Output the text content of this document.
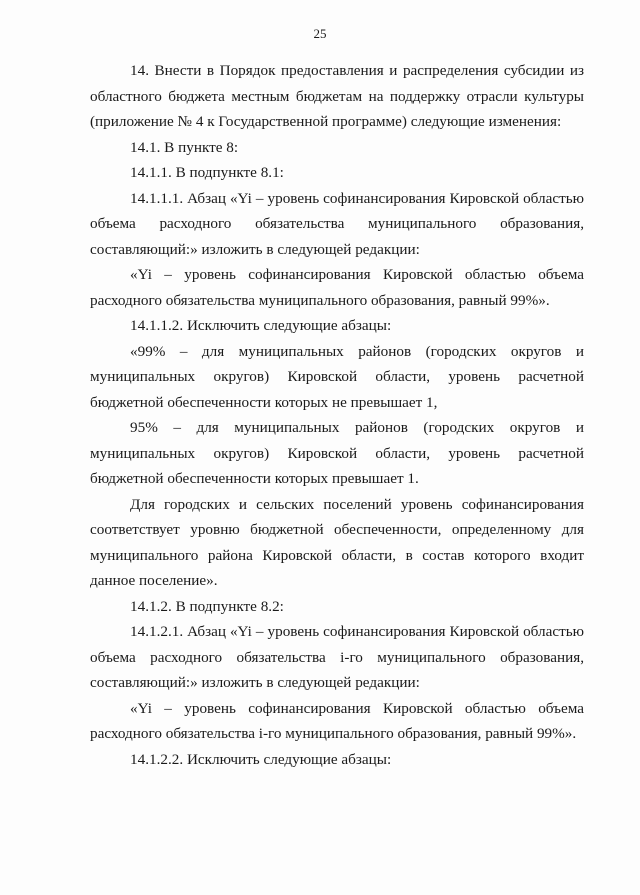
25

14. Внести в Порядок предоставления и распределения субсидии из областного бюджета местным бюджетам на поддержку отрасли культуры (приложение № 4 к Государственной программе) следующие изменения:

14.1. В пункте 8:

14.1.1. В подпункте 8.1:

14.1.1.1. Абзац «Yi – уровень софинансирования Кировской областью объема расходного обязательства муниципального образования, составляющий:» изложить в следующей редакции:

«Yi – уровень софинансирования Кировской областью объема расходного обязательства муниципального образования, равный 99%».

14.1.1.2. Исключить следующие абзацы:

«99% – для муниципальных районов (городских округов и муниципальных округов) Кировской области, уровень расчетной бюджетной обеспеченности которых не превышает 1,

95% – для муниципальных районов (городских округов и муниципальных округов) Кировской области, уровень расчетной бюджетной обеспеченности которых превышает 1.

Для городских и сельских поселений уровень софинансирования соответствует уровню бюджетной обеспеченности, определенному для муниципального района Кировской области, в состав которого входит данное поселение».

14.1.2. В подпункте 8.2:

14.1.2.1. Абзац «Yi – уровень софинансирования Кировской областью объема расходного обязательства i-го муниципального образования, составляющий:» изложить в следующей редакции:

«Yi – уровень софинансирования Кировской областью объема расходного обязательства i-го муниципального образования, равный 99%».

14.1.2.2. Исключить следующие абзацы:
